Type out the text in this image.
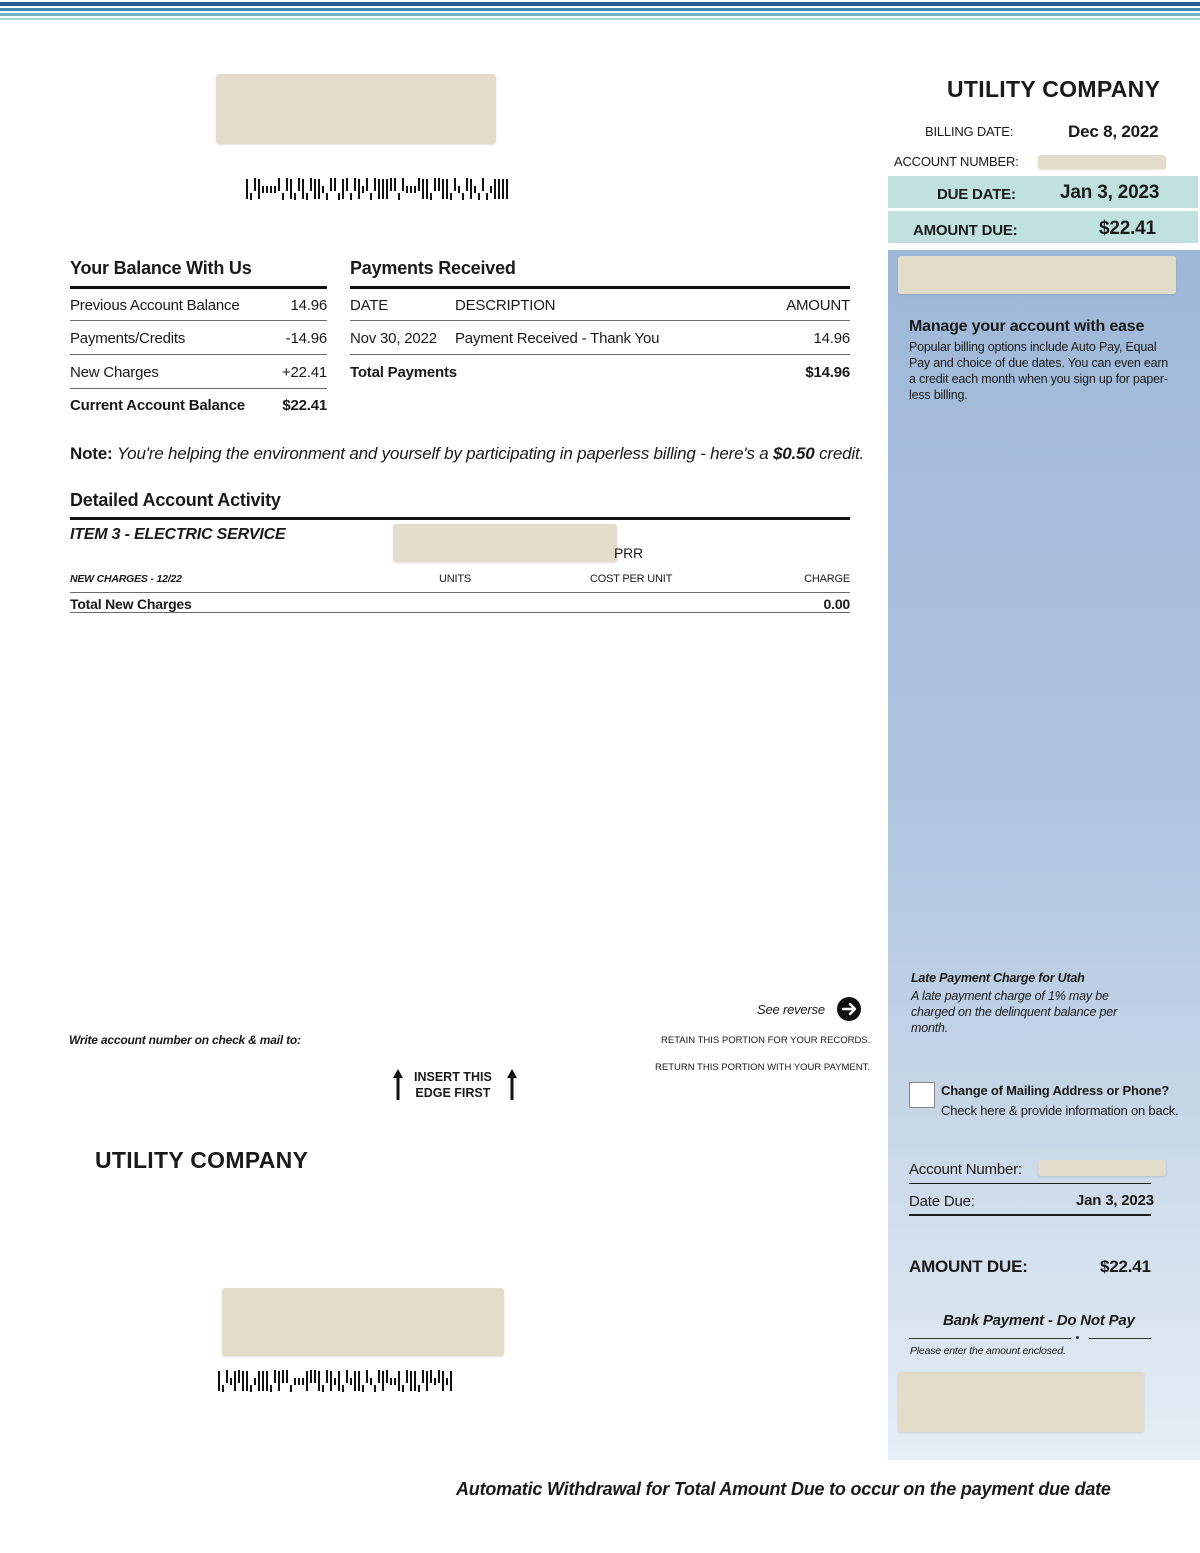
UTILITY COMPANY
BILLING DATE:	Dec 8, 2022
ACCOUNT NUMBER:
DUE DATE: Jan 3, 2023
AMOUNT DUE:	$22.41
Manage your account with ease
Popular billing options include Auto Pay, Equal
Pay and choice of due dates. You can even earn
a credit each month when you sign up for paper-
less billing.
Late Payment Charge for Utah
A late payment charge of 1% may be
charged on the delinquent balance per
month.
Change of Mailing Address or Phone?
Check here & provide information on back.
Account Number:
Date Due:	Jan 3, 2023
AMOUNT DUE:	$22.41
Bank Payment - Do Not Pay
Please enter the amount enclosed.
Your Balance With Us
Previous Account Balance	14.96
Payments/Credits	-14.96
New Charges	+22.41
Current Account Balance	$22.41
Payments Received
DATE	DESCRIPTION	AMOUNT
Nov 30, 2022 Payment Received - Thank You	14.96
Total Payments	$14.96
Note: You're helping the environment and yourself by participating in paperless billing - here's a $0.50 credit.
Detailed Account Activity
ITEM 3 - ELECTRIC SERVICE
PRR
NEW CHARGES - 12/22	UNITS	COST PER UNIT	CHARGE
Total New Charges	0.00
See reverse
Write account number on check & mail to:	RETAIN THIS PORTION FOR YOUR RECORDS.
RETURN THIS PORTION WITH YOUR PAYMENT.
INSERT THIS
EDGE FIRST
UTILITY COMPANY
Automatic Withdrawal for Total Amount Due to occur on the payment due date
